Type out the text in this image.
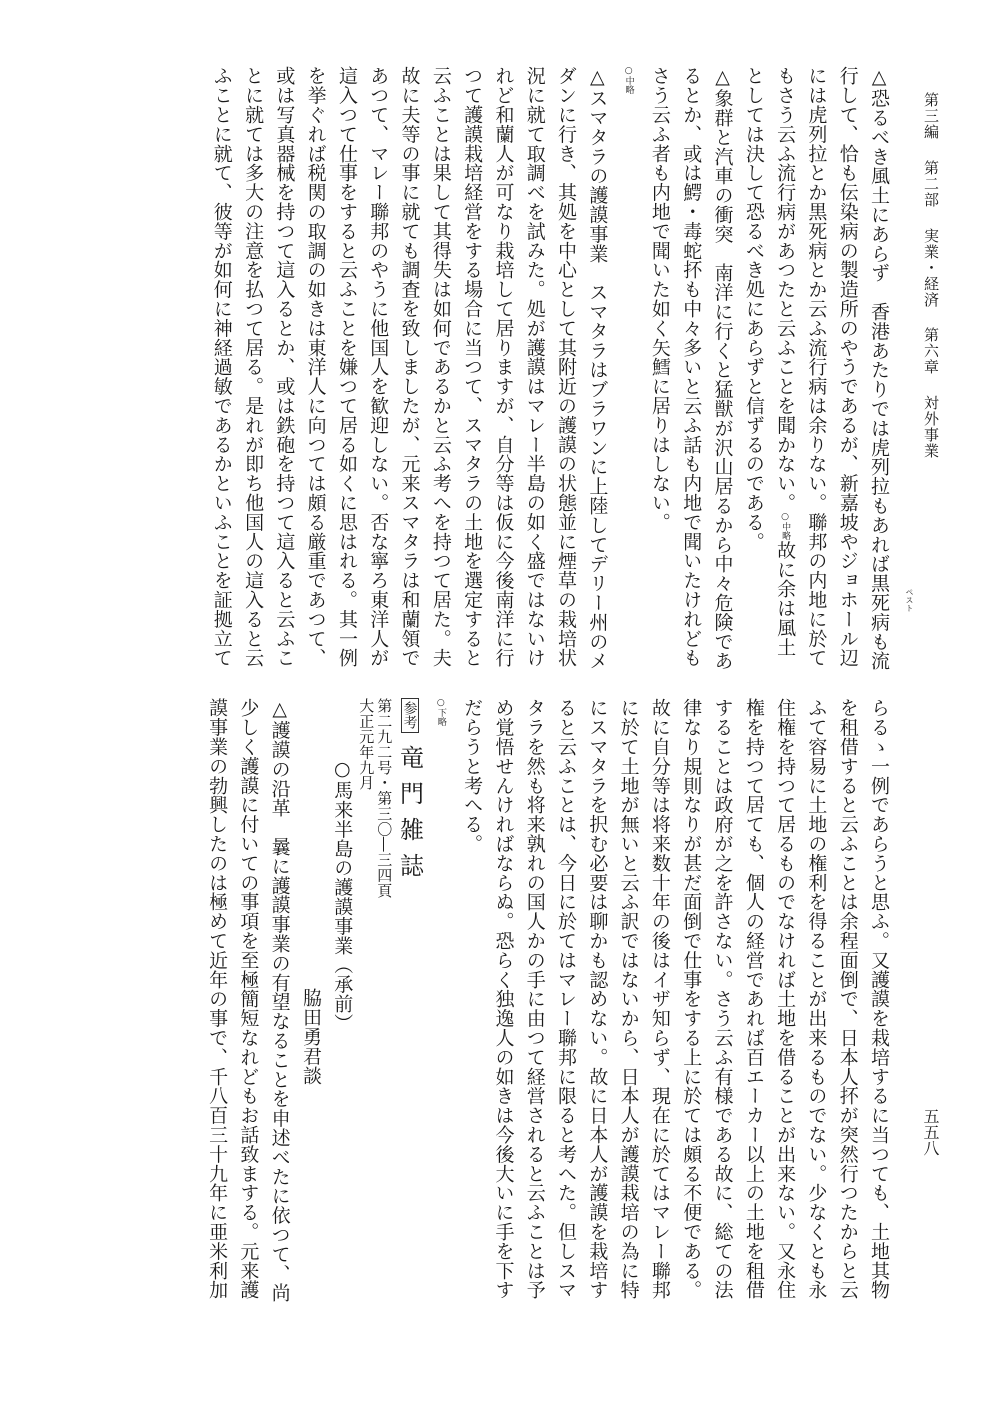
第三編 第二部 実業・経済 第六章 対外事業
五五八

△恐るべき風土にあらず　香港あたりでは虎列拉もあれば黒死病も流

行して、恰も伝染病の製造所のやうであるが、新嘉坡やジョホール辺

には虎列拉とか黒死病とか云ふ流行病は余りない。聯邦の内地に於て

もさう云ふ流行病があつたと云ふことを聞かない。○中略故に余は風土

としては決して恐るべき処にあらずと信ずるのである。

△象群と汽車の衝突　南洋に行くと猛獣が沢山居るから中々危険であ

るとか、或は鰐・毒蛇抔も中々多いと云ふ話も内地で聞いたけれども

さう云ふ者も内地で聞いた如く矢鱈に居りはしない。

○中略

△スマタラの護謨事業　スマタラはブラワンに上陸してデリー州のメ

ダンに行き、其処を中心として其附近の護謨の状態並に煙草の栽培状

況に就て取調べを試みた。処が護謨はマレー半島の如く盛ではないけ

れど和蘭人が可なり栽培して居りますが、自分等は仮に今後南洋に行

つて護謨栽培経営をする場合に当つて、スマタラの土地を選定すると

云ふことは果して其得失は如何であるかと云ふ考へを持つて居た。夫

故に夫等の事に就ても調査を致しましたが、元来スマタラは和蘭領で

あつて、マレー聯邦のやうに他国人を歓迎しない。否な寧ろ東洋人が

這入つて仕事をすると云ふことを嫌つて居る如くに思はれる。其一例

を挙ぐれば税関の取調の如きは東洋人に向つては頗る厳重であつて、

或は写真器械を持つて這入るとか、或は鉄砲を持つて這入ると云ふこ

とに就ては多大の注意を払つて居る。是れが即ち他国人の這入ると云

ふことに就て、彼等が如何に神経過敏であるかといふことを証拠立て

らるゝ一例であらうと思ふ。又護謨を栽培するに当つても、土地其物

を租借すると云ふことは余程面倒で、日本人抔が突然行つたからと云

ふて容易に土地の権利を得ることが出来るものでない。少なくとも永

住権を持つて居るものでなければ土地を借ることが出来ない。又永住

権を持つて居ても、個人の経営であれば百エーカー以上の土地を租借

することは政府が之を許さない。さう云ふ有様である故に、総ての法

律なり規則なりが甚だ面倒で仕事をする上に於ては頗る不便である。

故に自分等は将来数十年の後はイザ知らず、現在に於てはマレー聯邦

に於て土地が無いと云ふ訳ではないから、日本人が護謨栽培の為に特

にスマタラを択む必要は聊かも認めない。故に日本人が護謨を栽培す

ると云ふことは、今日に於てはマレー聯邦に限ると考へた。但しスマ

タラを然も将来孰れの国人かの手に由つて経営されると云ふことは予

め覚悟せんければならぬ。恐らく独逸人の如きは今後大いに手を下す

だらうと考へる。

○下略

参考 竜門雑誌

第二九二号・第三〇―三四頁
大正元年九月

○馬来半島の護謨事業（承前）

脇田勇君談

△護謨の沿革　曩に護謨事業の有望なることを申述べたに依つて、尚

少しく護謨に付いての事項を至極簡短なれどもお話致まする。元来護

謨事業の勃興したのは極めて近年の事で、千八百三十九年に亜米利加

ペスト
